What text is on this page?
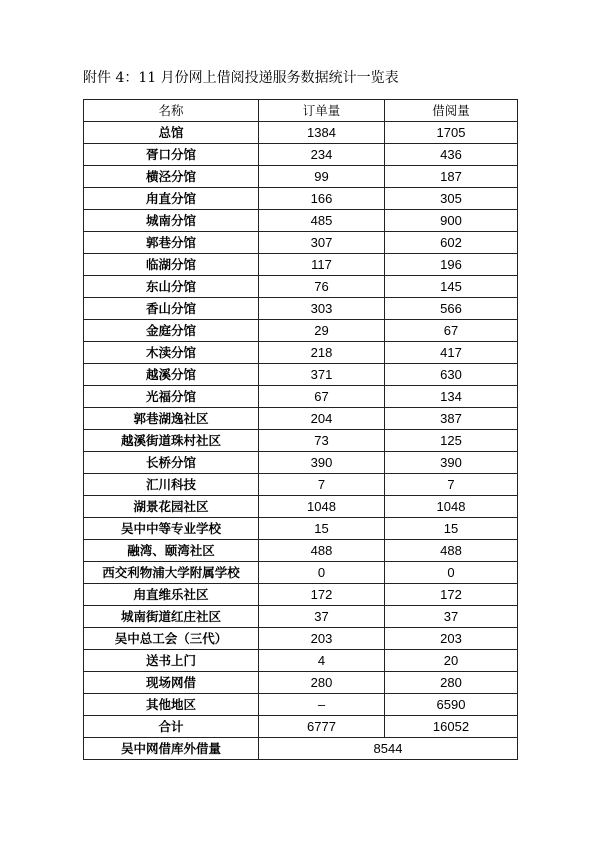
附件 4：11 月份网上借阅投递服务数据统计一览表
名称	订单量	借阅量
总馆	1384	1705
胥口分馆	234	436
横泾分馆	99	187
甪直分馆	166	305
城南分馆	485	900
郭巷分馆	307	602
临湖分馆	117	196
东山分馆	76	145
香山分馆	303	566
金庭分馆	29	67
木渎分馆	218	417
越溪分馆	371	630
光福分馆	67	134
郭巷湖逸社区	204	387
越溪街道珠村社区	73	125
长桥分馆	390	390
汇川科技	7	7
湖景花园社区	1048	1048
吴中中等专业学校	15	15
融湾、颐湾社区	488	488
西交利物浦大学附属学校	0	0
甪直维乐社区	172	172
城南街道红庄社区	37	37
吴中总工会（三代）	203	203
送书上门	4	20
现场网借	280	280
其他地区	–	6590
合计	6777	16052
吴中网借库外借量	8544	
